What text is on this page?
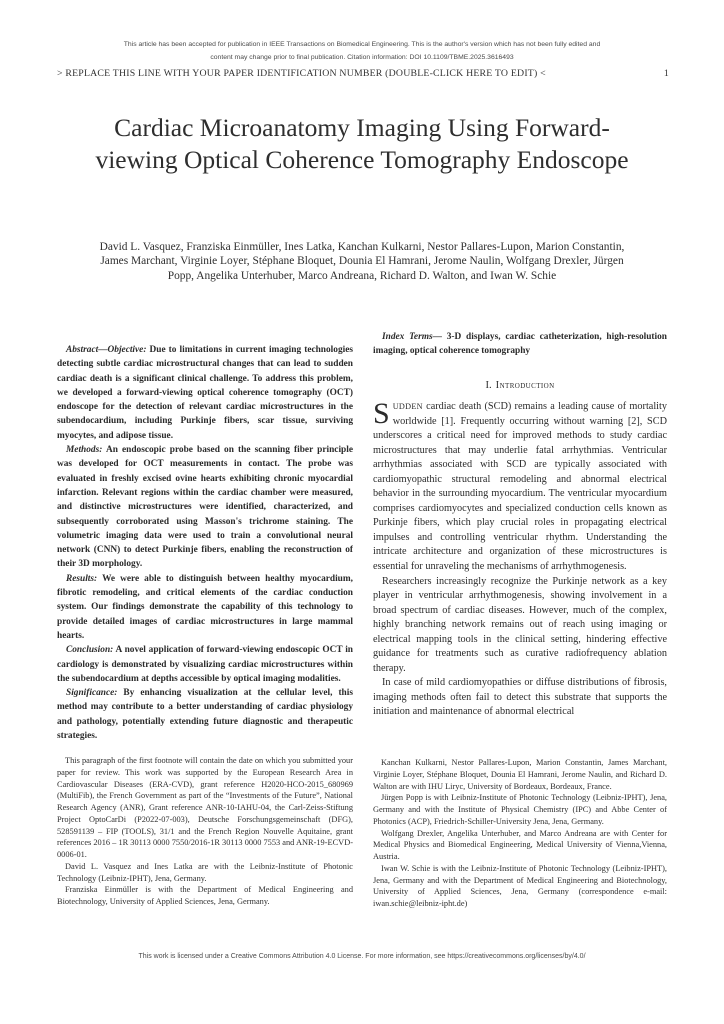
This article has been accepted for publication in IEEE Transactions on Biomedical Engineering. This is the author's version which has not been fully edited and
content may change prior to final publication. Citation information: DOI 10.1109/TBME.2025.3616493
> REPLACE THIS LINE WITH YOUR PAPER IDENTIFICATION NUMBER (DOUBLE-CLICK HERE TO EDIT) <	1
Cardiac Microanatomy Imaging Using Forward-viewing Optical Coherence Tomography Endoscope
David L. Vasquez, Franziska Einmüller, Ines Latka, Kanchan Kulkarni, Nestor Pallares-Lupon, Marion Constantin, James Marchant, Virginie Loyer, Stéphane Bloquet, Dounia El Hamrani, Jerome Naulin, Wolfgang Drexler, Jürgen Popp, Angelika Unterhuber, Marco Andreana, Richard D. Walton, and Iwan W. Schie

Abstract—Objective: Due to limitations in current imaging technologies detecting subtle cardiac microstructural changes that can lead to sudden cardiac death is a significant clinical challenge. To address this problem, we developed a forward-viewing optical coherence tomography (OCT) endoscope for the detection of relevant cardiac microstructures in the subendocardium, including Purkinje fibers, scar tissue, surviving myocytes, and adipose tissue.

Methods: An endoscopic probe based on the scanning fiber principle was developed for OCT measurements in contact. The probe was evaluated in freshly excised ovine hearts exhibiting chronic myocardial infarction. Relevant regions within the cardiac chamber were measured, and distinctive microstructures were identified, characterized, and subsequently corroborated using Masson's trichrome staining. The volumetric imaging data were used to train a convolutional neural network (CNN) to detect Purkinje fibers, enabling the reconstruction of their 3D morphology.

Results: We were able to distinguish between healthy myocardium, fibrotic remodeling, and critical elements of the cardiac conduction system. Our findings demonstrate the capability of this technology to provide detailed images of cardiac microstructures in large mammal hearts.

Conclusion: A novel application of forward-viewing endoscopic OCT in cardiology is demonstrated by visualizing cardiac microstructures within the subendocardium at depths accessible by optical imaging modalities.

Significance: By enhancing visualization at the cellular level, this method may contribute to a better understanding of cardiac physiology and pathology, potentially extending future diagnostic and therapeutic strategies.

Index Terms— 3-D displays, cardiac catheterization, high-resolution imaging, optical coherence tomography

I. Introduction

SUDDEN cardiac death (SCD) remains a leading cause of mortality worldwide [1]. Frequently occurring without warning [2], SCD underscores a critical need for improved methods to study cardiac microstructures that may underlie fatal arrhythmias. Ventricular arrhythmias associated with SCD are typically associated with cardiomyopathic structural remodeling and abnormal electrical behavior in the surrounding myocardium. The ventricular myocardium comprises cardiomyocytes and specialized conduction cells known as Purkinje fibers, which play crucial roles in propagating electrical impulses and controlling ventricular rhythm. Understanding the intricate architecture and organization of these microstructures is essential for unraveling the mechanisms of arrhythmogenesis.

Researchers increasingly recognize the Purkinje network as a key player in ventricular arrhythmogenesis, showing involvement in a broad spectrum of cardiac diseases. However, much of the complex, highly branching network remains out of reach using imaging or electrical mapping tools in the clinical setting, hindering effective guidance for treatments such as curative radiofrequency ablation therapy.

In case of mild cardiomyopathies or diffuse distributions of fibrosis, imaging methods often fail to detect this substrate that supports the initiation and maintenance of abnormal electrical

This paragraph of the first footnote will contain the date on which you submitted your paper for review. This work was supported by the European Research Area in Cardiovascular Diseases (ERA-CVD), grant reference H2020-HCO-2015_680969 (MultiFib), the French Government as part of the “Investments of the Future”, National Research Agency (ANR), Grant reference ANR-10-IAHU-04, the Carl-Zeiss-Stiftung Project OptoCarDi (P2022-07-003), Deutsche Forschungsgemeinschaft (DFG), 528591139 – FIP (TOOLS), 31/1 and the French Region Nouvelle Aquitaine, grant references 2016 – 1R 30113 0000 7550/2016-1R 30113 0000 7553 and ANR-19-ECVD-0006-01.

David L. Vasquez and Ines Latka are with the Leibniz-Institute of Photonic Technology (Leibniz-IPHT), Jena, Germany.

Franziska Einmüller is with the Department of Medical Engineering and Biotechnology, University of Applied Sciences, Jena, Germany.

Kanchan Kulkarni, Nestor Pallares-Lupon, Marion Constantin, James Marchant, Virginie Loyer, Stéphane Bloquet, Dounia El Hamrani, Jerome Naulin, and Richard D. Walton are with IHU Liryc, University of Bordeaux, Bordeaux, France.

Jürgen Popp is with Leibniz-Institute of Photonic Technology (Leibniz-IPHT), Jena, Germany and with the Institute of Physical Chemistry (IPC) and Abbe Center of Photonics (ACP), Friedrich-Schiller-University Jena, Jena, Germany.

Wolfgang Drexler, Angelika Unterhuber, and Marco Andreana are with Center for Medical Physics and Biomedical Engineering, Medical University of Vienna,Vienna, Austria.

Iwan W. Schie is with the Leibniz-Institute of Photonic Technology (Leibniz-IPHT), Jena, Germany and with the Department of Medical Engineering and Biotechnology, University of Applied Sciences, Jena, Germany (correspondence e-mail: iwan.schie@leibniz-ipht.de)

This work is licensed under a Creative Commons Attribution 4.0 License. For more information, see https://creativecommons.org/licenses/by/4.0/
